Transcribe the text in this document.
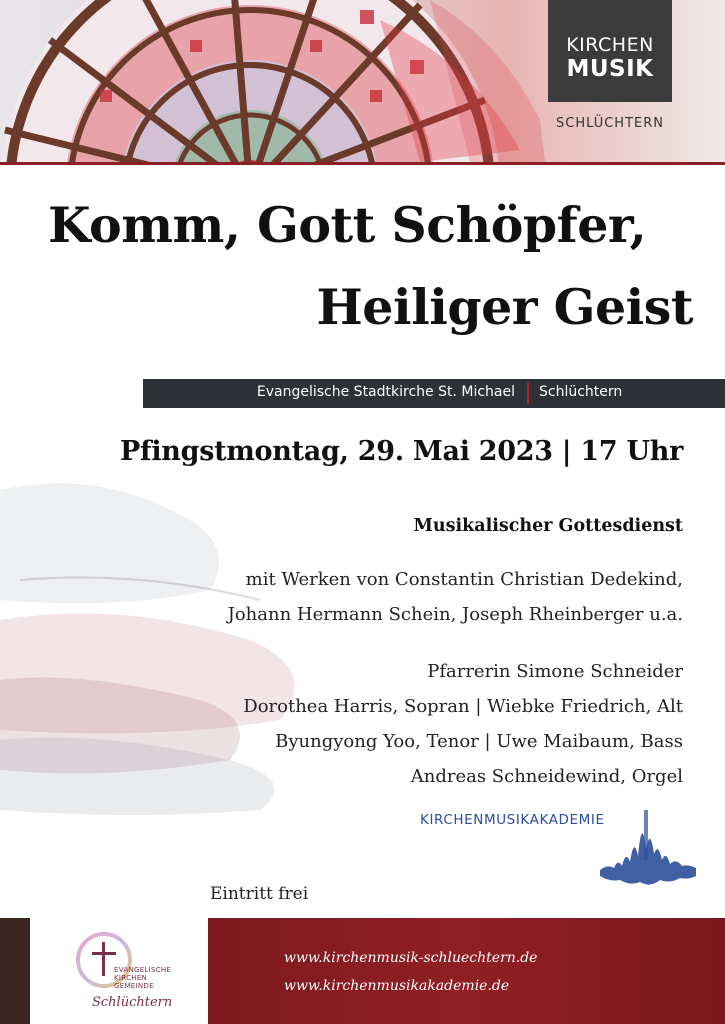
KIRCHEN
MUSIK
SCHLÜCHTERN
Komm, Gott Schöpfer,
Heiliger Geist
Evangelische Stadtkirche St. Michael Schlüchtern
Pfingstmontag, 29. Mai 2023 | 17 Uhr
Musikalischer Gottesdienst
mit Werken von Constantin Christian Dedekind,
Johann Hermann Schein, Joseph Rheinberger u.a.
Pfarrerin Simone Schneider
Dorothea Harris, Sopran | Wiebke Friedrich, Alt
Byungyong Yoo, Tenor | Uwe Maibaum, Bass
Andreas Schneidewind, Orgel
KIRCHENMUSIKAKADEMIE
Eintritt frei
www.kirchenmusik-schluechtern.de
www.kirchenmusikakademie.de
EVANGELISCHE
KIRCHEN
GEMEINDE
Schlüchtern
